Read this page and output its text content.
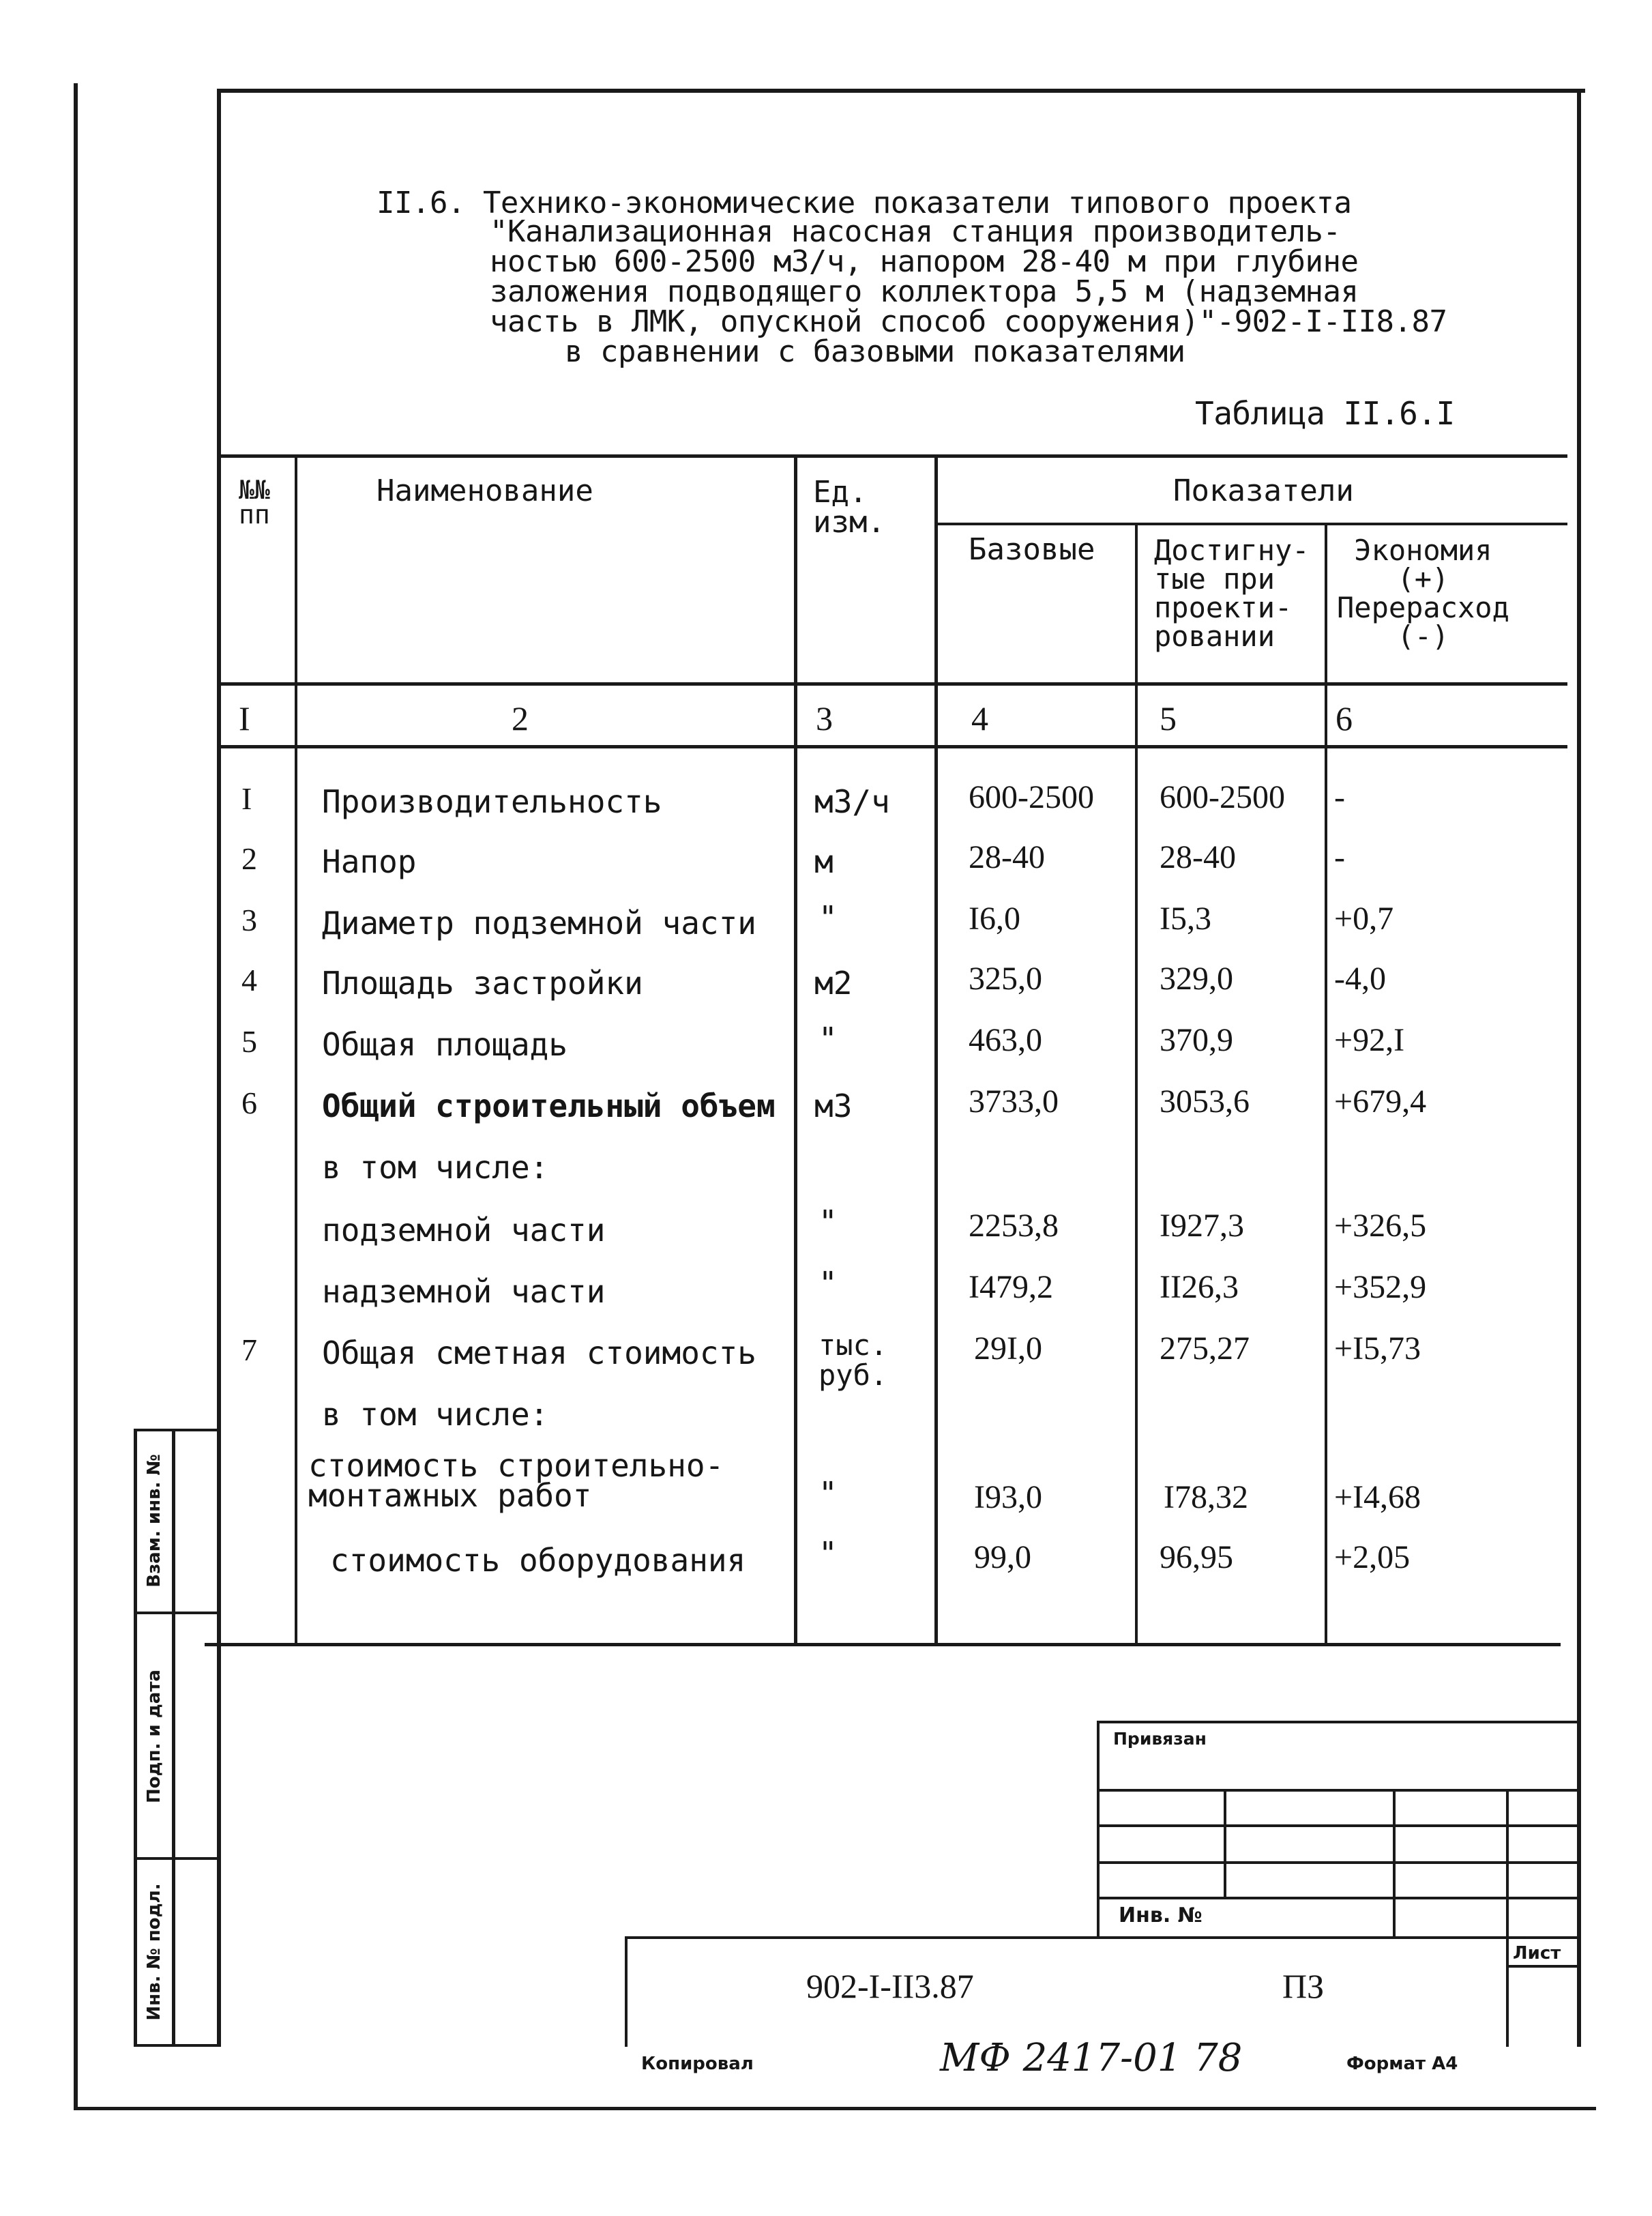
II.6. Технико-экономические показатели типового проекта
"Канализационная насосная станция производитель-
ностью 600-2500 м3/ч, напором 28-40 м при глубине
заложения подводящего коллектора 5,5 м (надземная
часть в ЛМК, опускной способ сооружения)"-902-I-II8.87
в сравнении с базовыми показателями
Таблица II.6.I
№№
пп
Наименование	Ед.
изм.
Показатели
Базовые Достигну-
тые при
проекти-
ровании
Экономия
(+)
Перерасход
(-)
I	2	3	4	5	6
I Производительность	м3/ч 600-2500 600-2500 -
2 Напор	м	28-40	28-40	-
3 Диаметр подземной части "	I6,0	I5,3	+0,7
4 Площадь застройки	м2	325,0	329,0	-4,0
5 Общая площадь	"	463,0	370,9	+92,I
6 Общий строительный объем м3	3733,0	3053,6	+679,4
в том числе:
подземной части	"	2253,8	I927,3	+326,5
надземной части	"	I479,2	II26,3	+352,9
7 Общая сметная стоимость тыс.
руб.
29I,0	275,27	+I5,73
в том числе:
стоимость строительно-
монтажных работ	"	I93,0	I78,32	+I4,68
стоимость оборудования "	99,0	96,95	+2,05
Взам. инв. №
Подп. и дата
Инв. № подл.
Привязан
Инв. №
902-I-II3.87	ПЗ
Лист
Копировал	МФ 2417-01 78	Формат А4
